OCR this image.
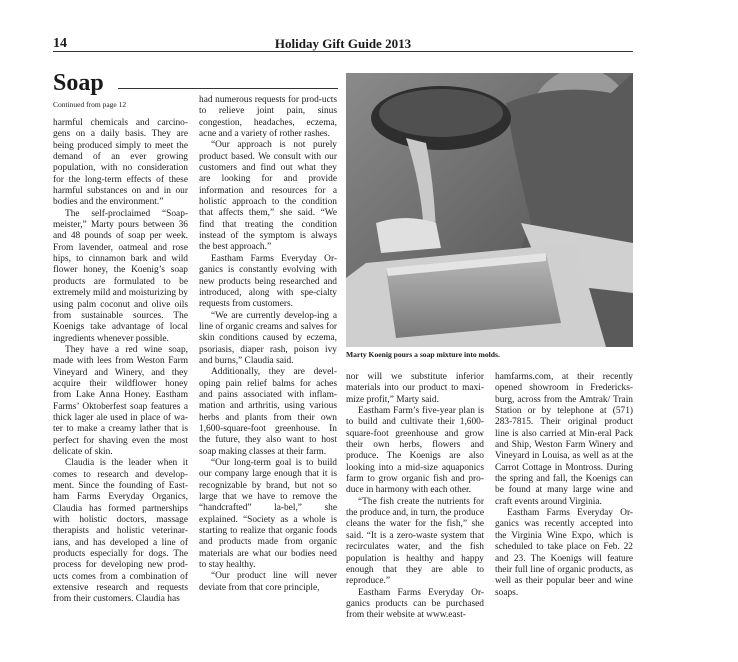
14	Holiday Gift Guide 2013
Soap
Continued from page 12

harmful chemicals and carcino-gens on a daily basis. They are being produced simply to meet the demand of an ever growing population, with no consideration for the long-term effects of these harmful substances on and in our bodies and the environment.”

The self-proclaimed “Soap-meister,” Marty pours between 36 and 48 pounds of soap per week. From lavender, oatmeal and rose hips, to cinnamon bark and wild flower honey, the Koenig’s soap products are formulated to be extremely mild and moisturizing by using palm coconut and olive oils from sustainable sources. The Koenigs take advantage of local ingredients whenever possible.

They have a red wine soap, made with lees from Weston Farm Vineyard and Winery, and they acquire their wildflower honey from Lake Anna Honey. Eastham Farms’ Oktoberfest soap features a thick lager ale used in place of wa-ter to make a creamy lather that is perfect for shaving even the most delicate of skin.

Claudia is the leader when it comes to research and develop-ment. Since the founding of East-ham Farms Everyday Organics, Claudia has formed partnerships with holistic doctors, massage therapists and holistic veterinar-ians, and has developed a line of products especially for dogs. The process for developing new prod-ucts comes from a combination of extensive research and requests from their customers. Claudia has

had numerous requests for prod-ucts to relieve joint pain, sinus congestion, headaches, eczema, acne and a variety of rother rashes.

“Our approach is not purely product based. We consult with our customers and find out what they are looking for and provide information and resources for a holistic approach to the condition that affects them,” she said. “We find that treating the condition instead of the symptom is always the best approach.”

Eastham Farms Everyday Or-ganics is constantly evolving with new products being researched and introduced, along with spe-cialty requests from customers.

“We are currently develop-ing a line of organic creams and salves for skin conditions caused by eczema, psoriasis, diaper rash, poison ivy and burns,” Claudia said.

Additionally, they are devel-oping pain relief balms for aches and pains associated with inflam-mation and arthritis, using various herbs and plants from their own 1,600-square-foot greenhouse. In the future, they also want to host soap making classes at their farm.

“Our long-term goal is to build our company large enough that it is recognizable by brand, but not so large that we have to remove the “handcrafted” la-bel,” she explained. “Society as a whole is starting to realize that organic foods and products made from organic materials are what our bodies need to stay healthy.

“Our product line will never deviate from that core principle,

Marty Koenig pours a soap mixture into molds.

nor will we substitute inferior materials into our product to maxi-mize profit,” Marty said.

Eastham Farm’s five-year plan is to build and cultivate their 1,600-square-foot greenhouse and grow their own herbs, flowers and produce. The Koenigs are also looking into a mid-size aquaponics farm to grow organic fish and pro-duce in harmony with each other.

“The fish create the nutrients for the produce and, in turn, the produce cleans the water for the fish,” she said. “It is a zero-waste system that recirculates water, and the fish population is healthy and happy enough that they are able to reproduce.”

Eastham Farms Everyday Or-ganics products can be purchased from their website at www.east-

hamfarms.com, at their recently opened showroom in Fredericks-burg, across from the Amtrak/ Train Station or by telephone at (571) 283-7815. Their original product line is also carried at Min-eral Pack and Ship, Weston Farm Winery and Vineyard in Louisa, as well as at the Carrot Cottage in Montross. During the spring and fall, the Koenigs can be found at many large wine and craft events around Virginia.

Eastham Farms Everyday Or-ganics was recently accepted into the Virginia Wine Expo, which is scheduled to take place on Feb. 22 and 23. The Koenigs will feature their full line of organic products, as well as their popular beer and wine soaps.
